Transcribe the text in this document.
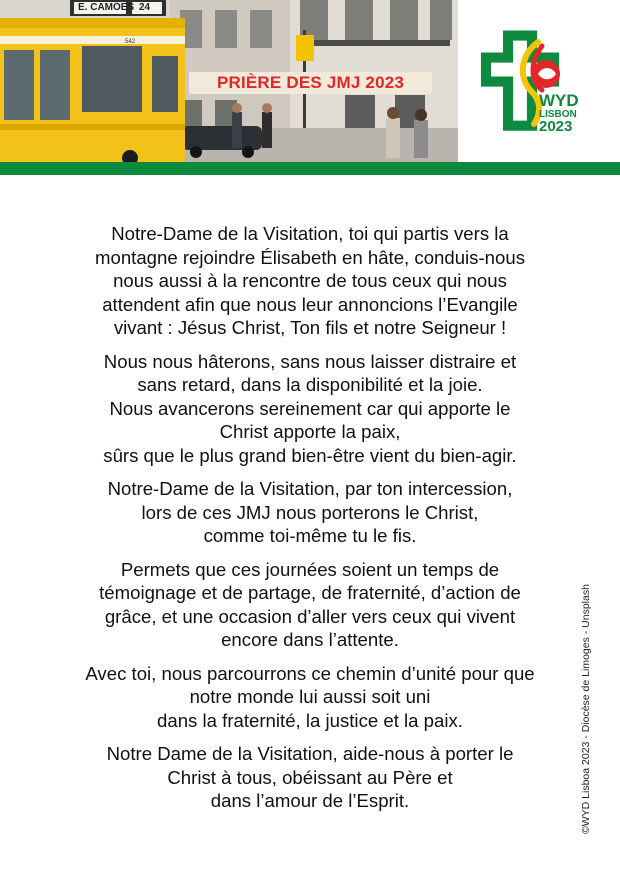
E. CAMÕES 24
542
PRIÈRE DES JMJ 2023
WYD
LISBON
2023

Notre-Dame de la Visitation, toi qui partis vers la
montagne rejoindre Élisabeth en hâte, conduis-nous
nous aussi à la rencontre de tous ceux qui nous
attendent afin que nous leur annoncions l’Evangile
vivant : Jésus Christ, Ton fils et notre Seigneur !

Nous nous hâterons, sans nous laisser distraire et
sans retard, dans la disponibilité et la joie.
Nous avancerons sereinement car qui apporte le
Christ apporte la paix,
sûrs que le plus grand bien-être vient du bien-agir.

Notre-Dame de la Visitation, par ton intercession,
lors de ces JMJ nous porterons le Christ,
comme toi-même tu le fis.

Permets que ces journées soient un temps de
témoignage et de partage, de fraternité, d’action de
grâce, et une occasion d’aller vers ceux qui vivent
encore dans l’attente.

Avec toi, nous parcourrons ce chemin d’unité pour que
notre monde lui aussi soit uni
dans la fraternité, la justice et la paix.

Notre Dame de la Visitation, aide-nous à porter le
Christ à tous, obéissant au Père et
dans l’amour de l’Esprit.	©WYD Lisboa 2023 - Diocèse de Limoges - Unsplash
